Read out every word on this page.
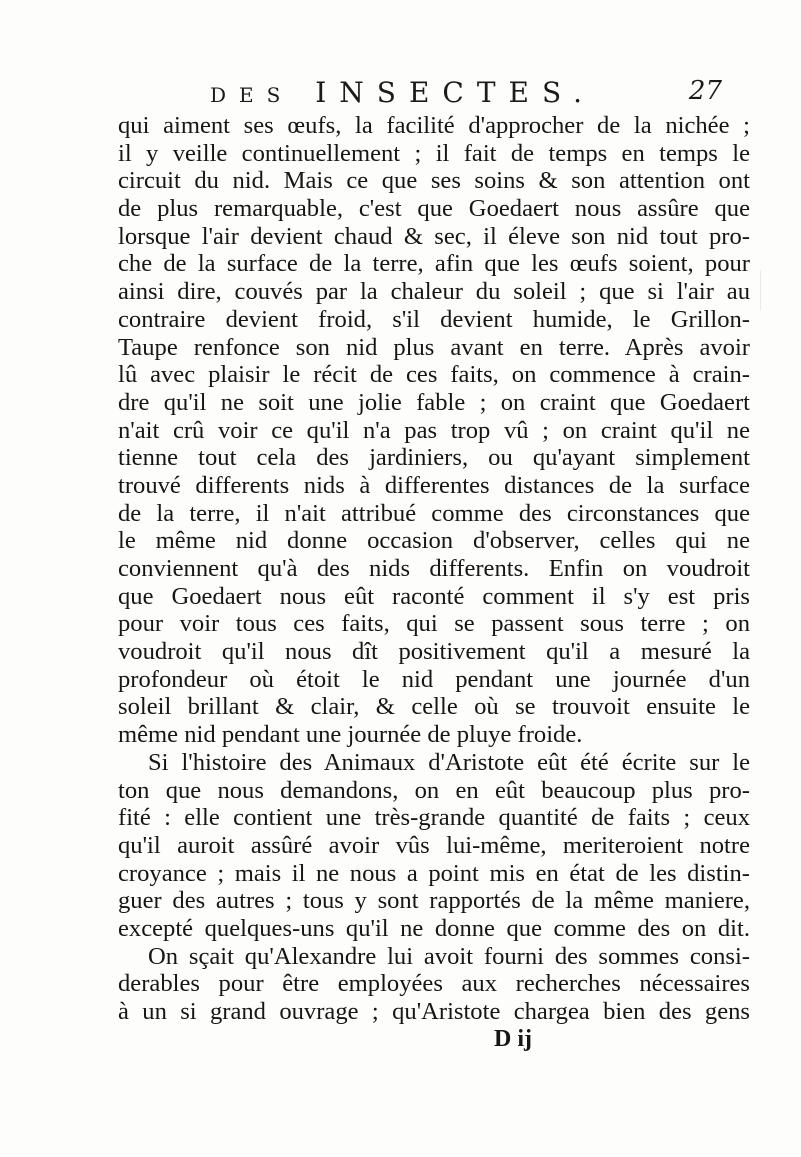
DES INSECTES.	27
qui aiment ses œufs, la facilité d'approcher de la nichée ;
il y veille continuellement ; il fait de temps en temps le
circuit du nid. Mais ce que ses soins & son attention ont
de plus remarquable, c'est que Goedaert nous assûre que
lorsque l'air devient chaud & sec, il éleve son nid tout pro-
che de la surface de la terre, afin que les œufs soient, pour
ainsi dire, couvés par la chaleur du soleil ; que si l'air au
contraire devient froid, s'il devient humide, le Grillon-
Taupe renfonce son nid plus avant en terre. Après avoir
lû avec plaisir le récit de ces faits, on commence à crain-
dre qu'il ne soit une jolie fable ; on craint que Goedaert
n'ait crû voir ce qu'il n'a pas trop vû ; on craint qu'il ne
tienne tout cela des jardiniers, ou qu'ayant simplement
trouvé differents nids à differentes distances de la surface
de la terre, il n'ait attribué comme des circonstances que
le même nid donne occasion d'observer, celles qui ne
conviennent qu'à des nids differents. Enfin on voudroit
que Goedaert nous eût raconté comment il s'y est pris
pour voir tous ces faits, qui se passent sous terre ; on
voudroit qu'il nous dît positivement qu'il a mesuré la
profondeur où étoit le nid pendant une journée d'un
soleil brillant & clair, & celle où se trouvoit ensuite le
même nid pendant une journée de pluye froide.
Si l'histoire des Animaux d'Aristote eût été écrite sur le
ton que nous demandons, on en eût beaucoup plus pro-
fité : elle contient une très-grande quantité de faits ; ceux
qu'il auroit assûré avoir vûs lui-même, meriteroient notre
croyance ; mais il ne nous a point mis en état de les distin-
guer des autres ; tous y sont rapportés de la même maniere,
excepté quelques-uns qu'il ne donne que comme des on dit.
On sçait qu'Alexandre lui avoit fourni des sommes consi-
derables pour être employées aux recherches nécessaires
à un si grand ouvrage ; qu'Aristote chargea bien des gens
D ij
